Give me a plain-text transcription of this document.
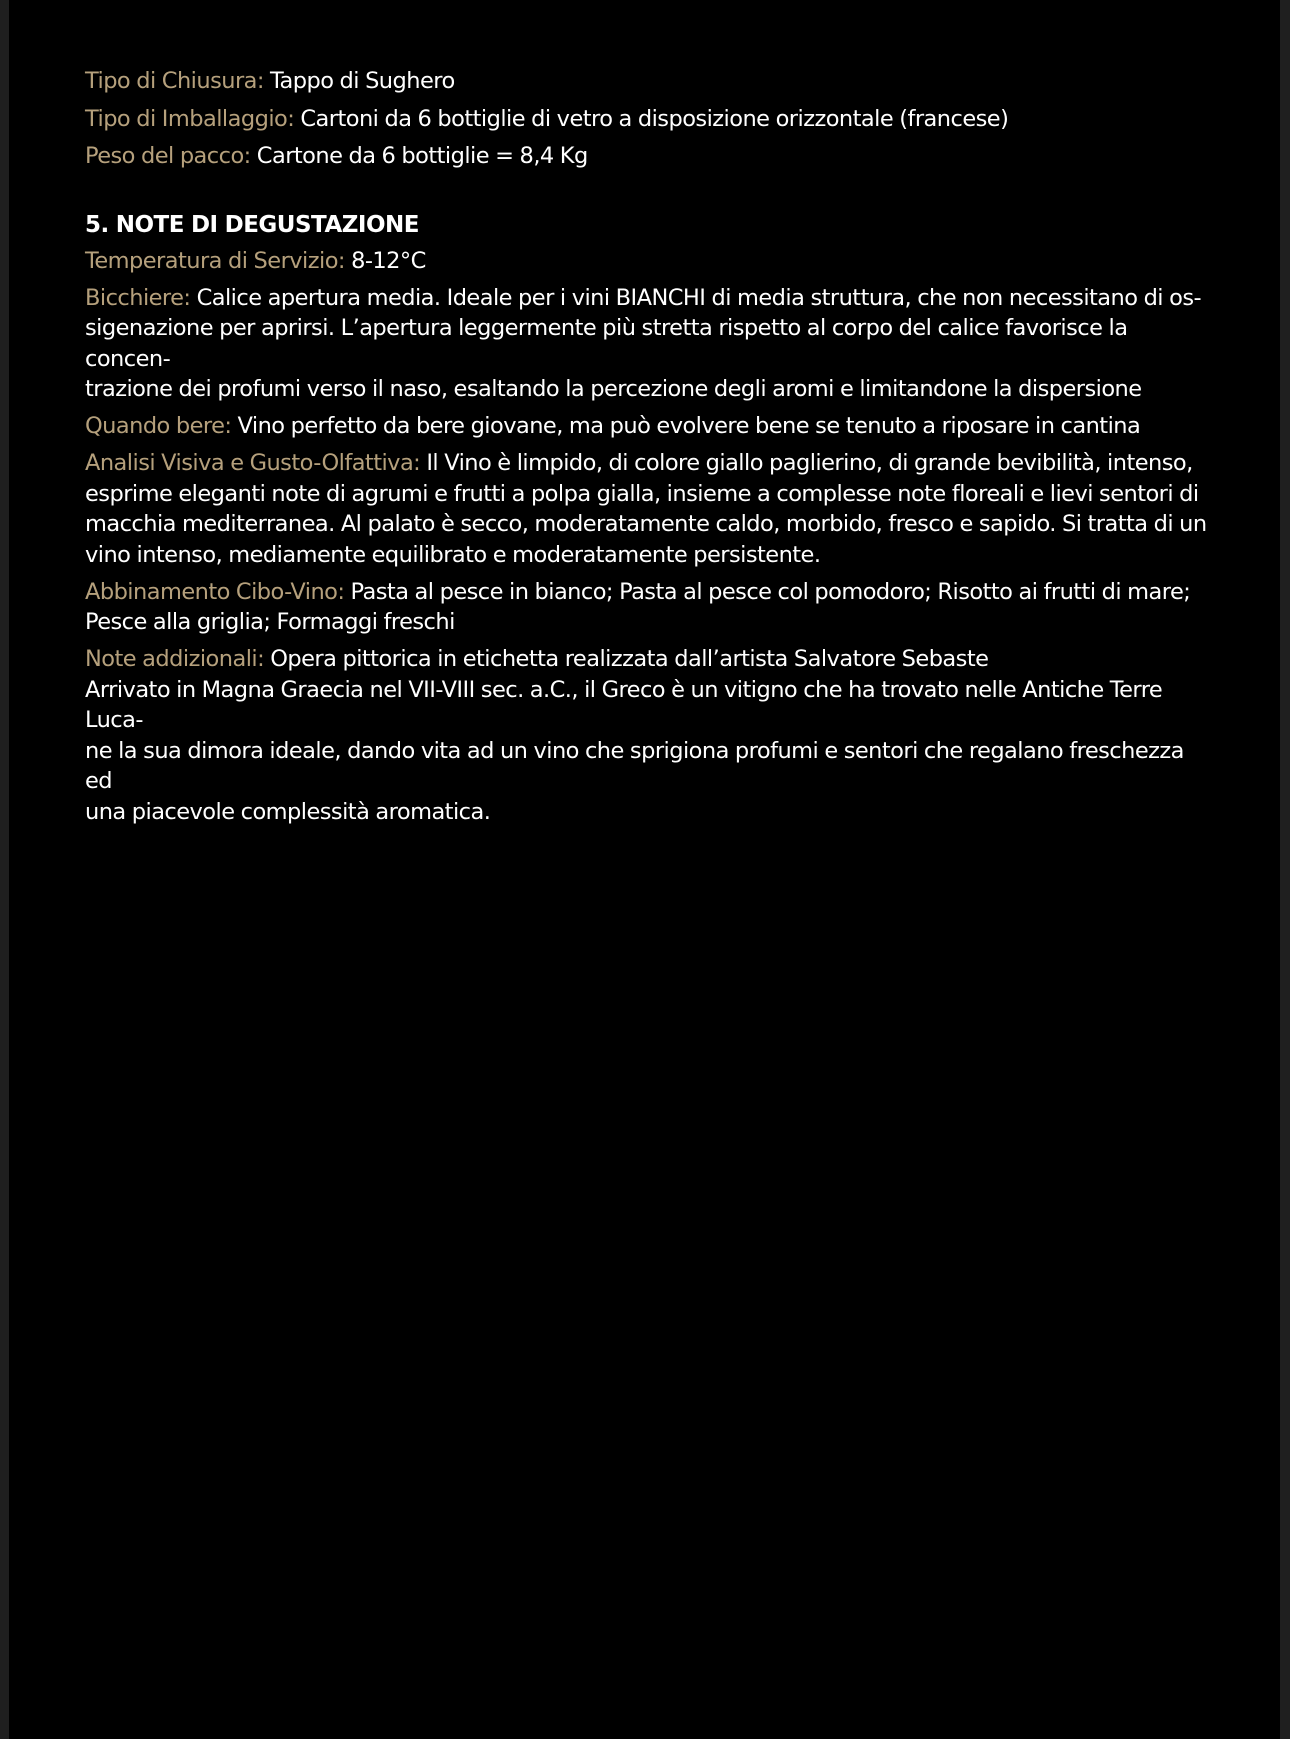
Tipo di Chiusura: Tappo di Sughero
Tipo di Imballaggio: Cartoni da 6 bottiglie di vetro a disposizione orizzontale (francese)
Peso del pacco: Cartone da 6 bottiglie = 8,4 Kg
5. NOTE DI DEGUSTAZIONE
Temperatura di Servizio: 8-12°C
Bicchiere: Calice apertura media. Ideale per i vini BIANCHI di media struttura, che non necessitano di os-
sigenazione per aprirsi. L’apertura leggermente più stretta rispetto al corpo del calice favorisce la concen-
trazione dei profumi verso il naso, esaltando la percezione degli aromi e limitandone la dispersione
Quando bere: Vino perfetto da bere giovane, ma può evolvere bene se tenuto a riposare in cantina
Analisi Visiva e Gusto-Olfattiva: Il Vino è limpido, di colore giallo paglierino, di grande bevibilità, intenso,
esprime eleganti note di agrumi e frutti a polpa gialla, insieme a complesse note floreali e lievi sentori di
macchia mediterranea. Al palato è secco, moderatamente caldo, morbido, fresco e sapido. Si tratta di un
vino intenso, mediamente equilibrato e moderatamente persistente.
Abbinamento Cibo-Vino: Pasta al pesce in bianco; Pasta al pesce col pomodoro; Risotto ai frutti di mare;
Pesce alla griglia; Formaggi freschi
Note addizionali: Opera pittorica in etichetta realizzata dall’artista Salvatore Sebaste
Arrivato in Magna Graecia nel VII-VIII sec. a.C., il Greco è un vitigno che ha trovato nelle Antiche Terre Luca-
ne la sua dimora ideale, dando vita ad un vino che sprigiona profumi e sentori che regalano freschezza ed
una piacevole complessità aromatica.
